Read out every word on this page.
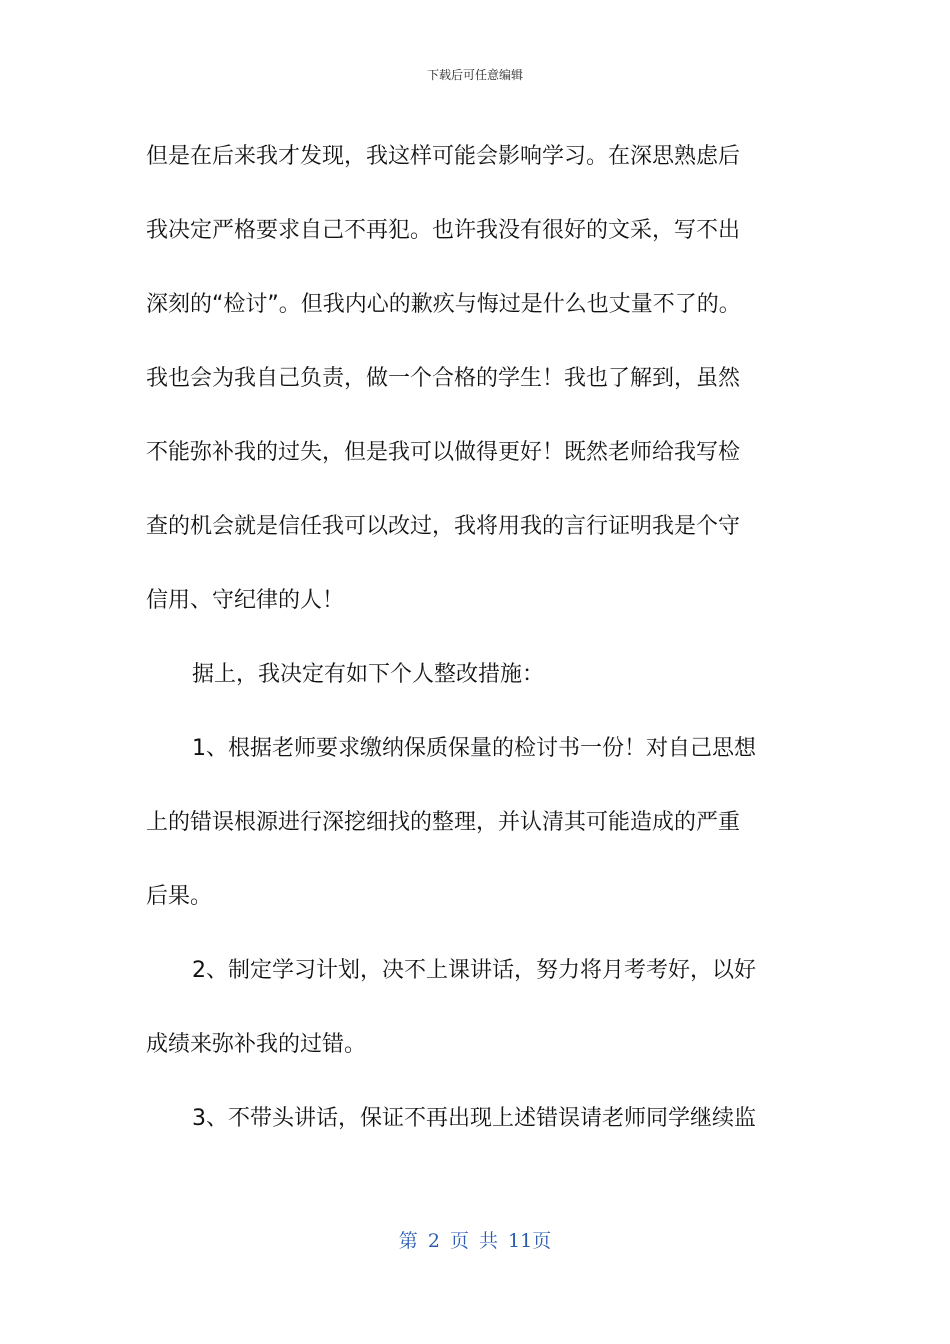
下载后可任意编辑
但是在后来我才发现，我这样可能会影响学习。在深思熟虑后
我决定严格要求自己不再犯。也许我没有很好的文采，写不出
深刻的“检讨”。但我内心的歉疚与悔过是什么也丈量不了的。
我也会为我自己负责，做一个合格的学生！我也了解到，虽然
不能弥补我的过失，但是我可以做得更好！既然老师给我写检
查的机会就是信任我可以改过，我将用我的言行证明我是个守
信用、守纪律的人！
据上，我决定有如下个人整改措施：
1、根据老师要求缴纳保质保量的检讨书一份！对自己思想
上的错误根源进行深挖细找的整理，并认清其可能造成的严重
后果。
2、制定学习计划，决不上课讲话，努力将月考考好，以好
成绩来弥补我的过错。
3、不带头讲话，保证不再出现上述错误请老师同学继续监
第 2 页 共 11页
